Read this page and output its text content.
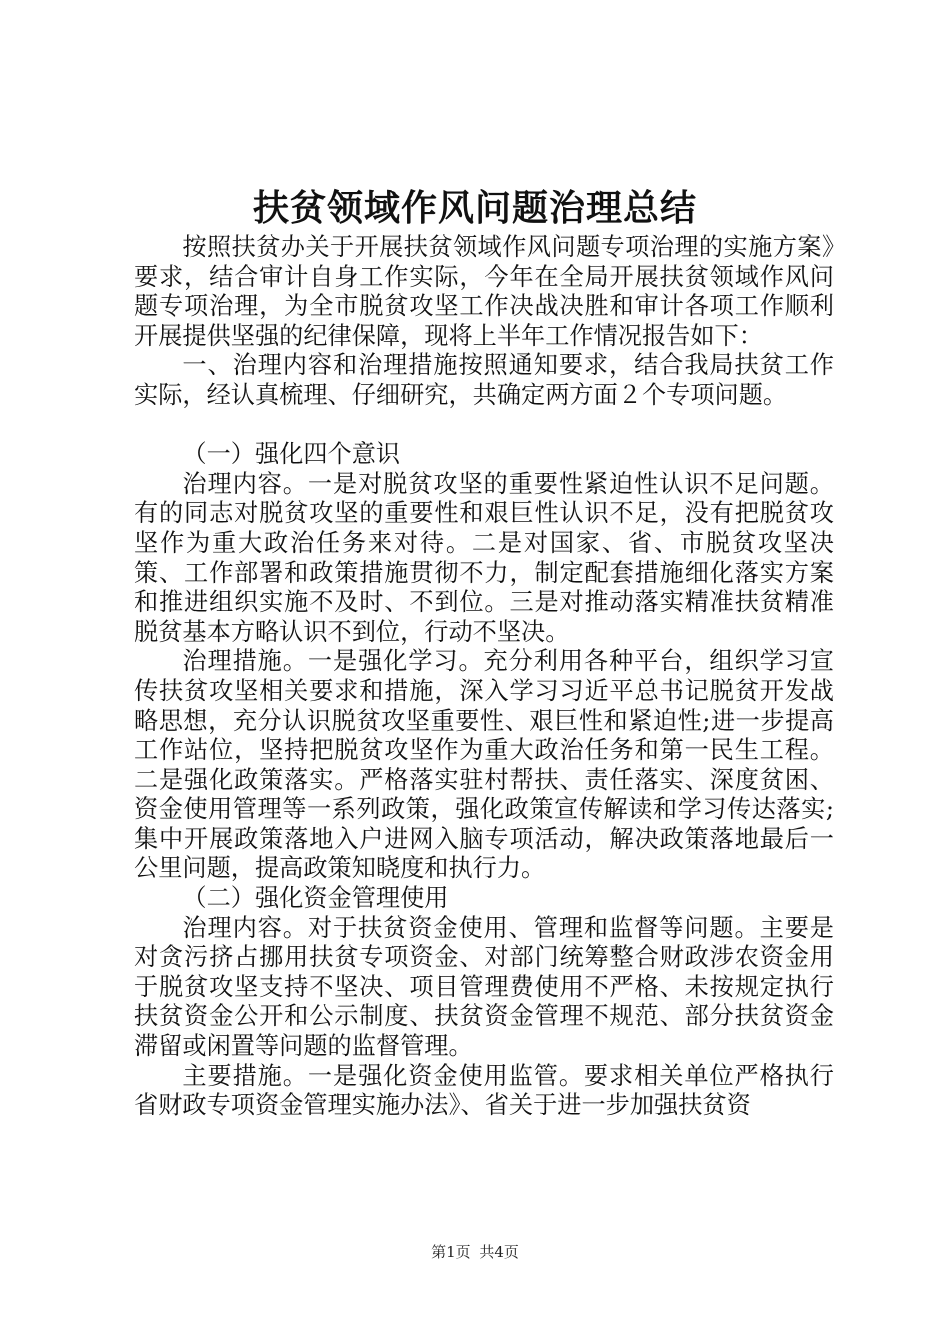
扶贫领域作风问题治理总结

按照扶贫办关于开展扶贫领域作风问题专项治理的实施方案》要求，结合审计自身工作实际，今年在全局开展扶贫领域作风问题专项治理，为全市脱贫攻坚工作决战决胜和审计各项工作顺利开展提供坚强的纪律保障，现将上半年工作情况报告如下：

一、治理内容和治理措施按照通知要求，结合我局扶贫工作实际，经认真梳理、仔细研究，共确定两方面２个专项问题。

（一）强化四个意识

治理内容。一是对脱贫攻坚的重要性紧迫性认识不足问题。有的同志对脱贫攻坚的重要性和艰巨性认识不足，没有把脱贫攻坚作为重大政治任务来对待。二是对国家、省、市脱贫攻坚决策、工作部署和政策措施贯彻不力，制定配套措施细化落实方案和推进组织实施不及时、不到位。三是对推动落实精准扶贫精准脱贫基本方略认识不到位，行动不坚决。

治理措施。一是强化学习。充分利用各种平台，组织学习宣传扶贫攻坚相关要求和措施，深入学习习近平总书记脱贫开发战略思想，充分认识脱贫攻坚重要性、艰巨性和紧迫性;进一步提高工作站位，坚持把脱贫攻坚作为重大政治任务和第一民生工程。二是强化政策落实。严格落实驻村帮扶、责任落实、深度贫困、资金使用管理等一系列政策，强化政策宣传解读和学习传达落实;集中开展政策落地入户进网入脑专项活动，解决政策落地最后一公里问题，提高政策知晓度和执行力。

（二）强化资金管理使用

治理内容。对于扶贫资金使用、管理和监督等问题。主要是对贪污挤占挪用扶贫专项资金、对部门统筹整合财政涉农资金用于脱贫攻坚支持不坚决、项目管理费使用不严格、未按规定执行扶贫资金公开和公示制度、扶贫资金管理不规范、部分扶贫资金滞留或闲置等问题的监督管理。

主要措施。一是强化资金使用监管。要求相关单位严格执行省财政专项资金管理实施办法》、省关于进一步加强扶贫资

第1页 共4页
